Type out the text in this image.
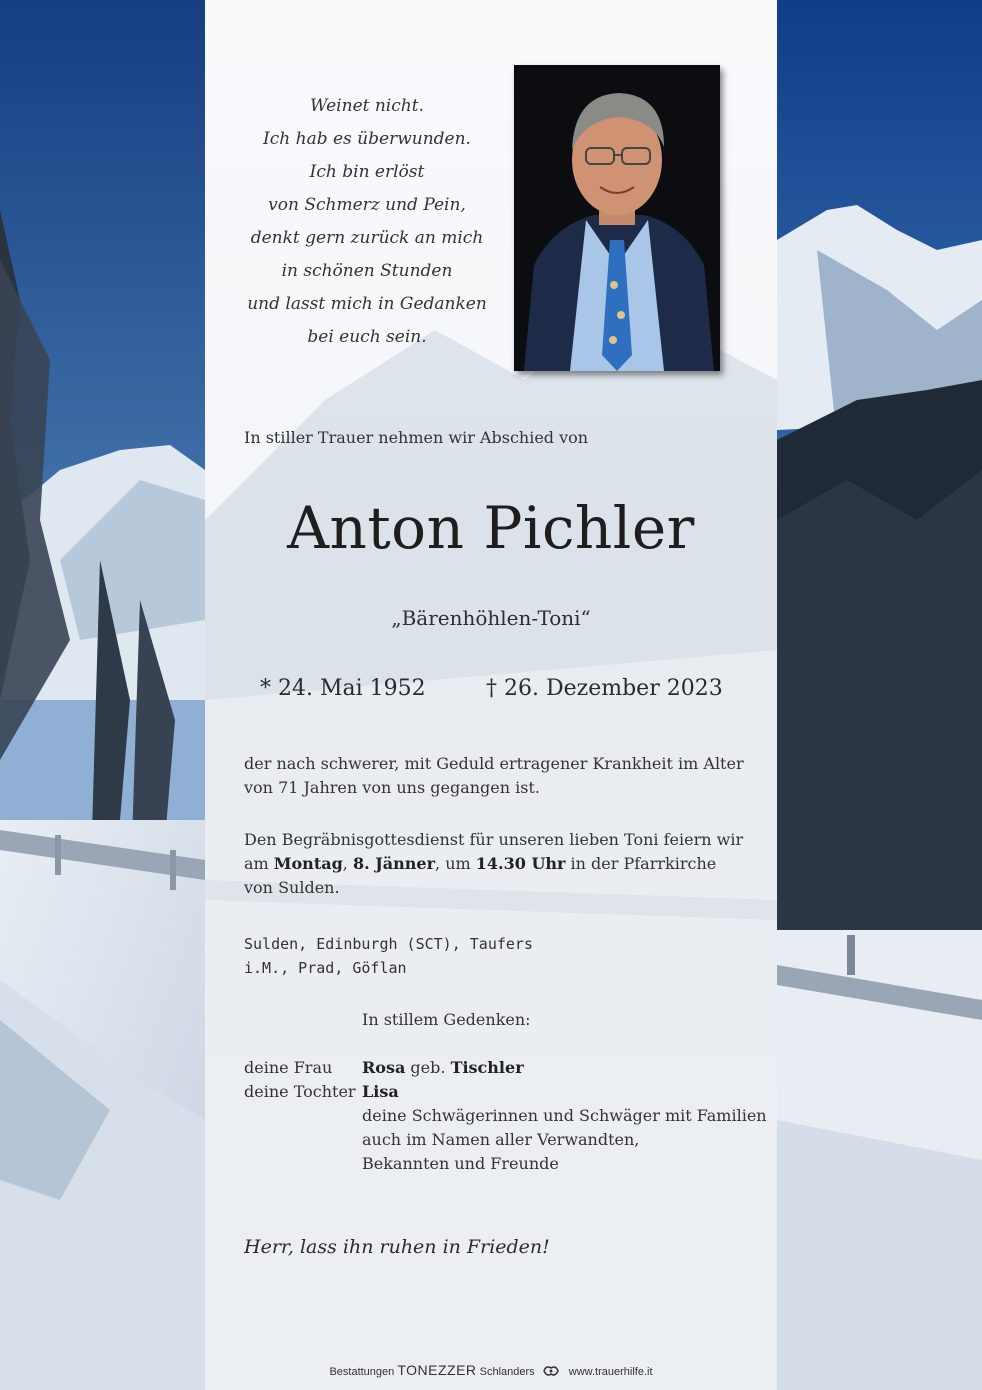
Weinet nicht.
Ich hab es überwunden.
Ich bin erlöst
von Schmerz und Pein,
denkt gern zurück an mich
in schönen Stunden
und lasst mich in Gedanken
bei euch sein.
In stiller Trauer nehmen wir Abschied von
Anton Pichler
„Bärenhöhlen-Toni“
* 24. Mai 1952	† 26. Dezember 2023
der nach schwerer, mit Geduld ertragener Krankheit im Alter von 71 Jahren von uns gegangen ist.
Den Begräbnisgottesdienst für unseren lieben Toni feiern wir am Montag, 8. Jänner, um 14.30 Uhr in der Pfarrkirche von Sulden.
Sulden, Edinburgh (SCT), Taufers i.M., Prad, Göflan
In stillem Gedenken:
deine Frau Rosa geb. Tischler
deine Tochter Lisa
deine Schwägerinnen und Schwäger mit Familien
auch im Namen aller Verwandten,
Bekannten und Freunde
Herr, lass ihn ruhen in Frieden!
Bestattungen TONEZZER Schlanders	www.trauerhilfe.it
